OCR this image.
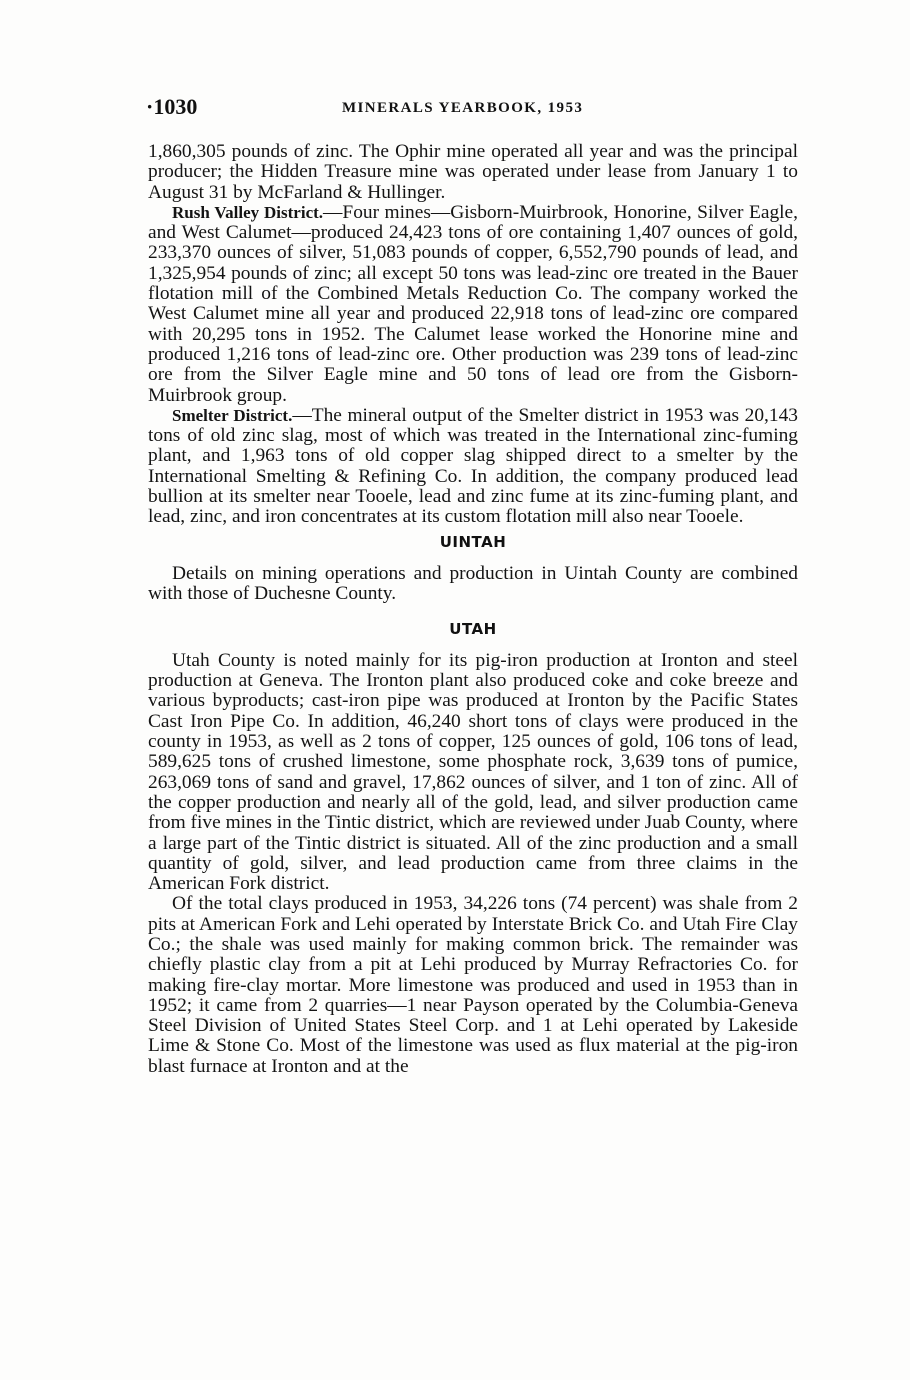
·1030	MINERALS YEARBOOK, 1953

1,860,305 pounds of zinc. The Ophir mine operated all year and was the principal producer; the Hidden Treasure mine was operated under lease from January 1 to August 31 by McFarland & Hullinger.

Rush Valley District.—Four mines—Gisborn-Muirbrook, Honorine, Silver Eagle, and West Calumet—produced 24,423 tons of ore containing 1,407 ounces of gold, 233,370 ounces of silver, 51,083 pounds of copper, 6,552,790 pounds of lead, and 1,325,954 pounds of zinc; all except 50 tons was lead-zinc ore treated in the Bauer flotation mill of the Combined Metals Reduction Co. The company worked the West Calumet mine all year and produced 22,918 tons of lead-zinc ore compared with 20,295 tons in 1952. The Calumet lease worked the Honorine mine and produced 1,216 tons of lead-zinc ore. Other production was 239 tons of lead-zinc ore from the Silver Eagle mine and 50 tons of lead ore from the Gisborn-Muirbrook group.

Smelter District.—The mineral output of the Smelter district in 1953 was 20,143 tons of old zinc slag, most of which was treated in the International zinc-fuming plant, and 1,963 tons of old copper slag shipped direct to a smelter by the International Smelting & Refining Co. In addition, the company produced lead bullion at its smelter near Tooele, lead and zinc fume at its zinc-fuming plant, and lead, zinc, and iron concentrates at its custom flotation mill also near Tooele.

UINTAH

Details on mining operations and production in Uintah County are combined with those of Duchesne County.

UTAH

Utah County is noted mainly for its pig-iron production at Ironton and steel production at Geneva. The Ironton plant also produced coke and coke breeze and various byproducts; cast-iron pipe was produced at Ironton by the Pacific States Cast Iron Pipe Co. In addition, 46,240 short tons of clays were produced in the county in 1953, as well as 2 tons of copper, 125 ounces of gold, 106 tons of lead, 589,625 tons of crushed limestone, some phosphate rock, 3,639 tons of pumice, 263,069 tons of sand and gravel, 17,862 ounces of silver, and 1 ton of zinc. All of the copper production and nearly all of the gold, lead, and silver production came from five mines in the Tintic district, which are reviewed under Juab County, where a large part of the Tintic district is situated. All of the zinc production and a small quantity of gold, silver, and lead production came from three claims in the American Fork district.

Of the total clays produced in 1953, 34,226 tons (74 percent) was shale from 2 pits at American Fork and Lehi operated by Interstate Brick Co. and Utah Fire Clay Co.; the shale was used mainly for making common brick. The remainder was chiefly plastic clay from a pit at Lehi produced by Murray Refractories Co. for making fire-clay mortar. More limestone was produced and used in 1953 than in 1952; it came from 2 quarries—1 near Payson operated by the Columbia-Geneva Steel Division of United States Steel Corp. and 1 at Lehi operated by Lakeside Lime & Stone Co. Most of the limestone was used as flux material at the pig-iron blast furnace at Ironton and at the
